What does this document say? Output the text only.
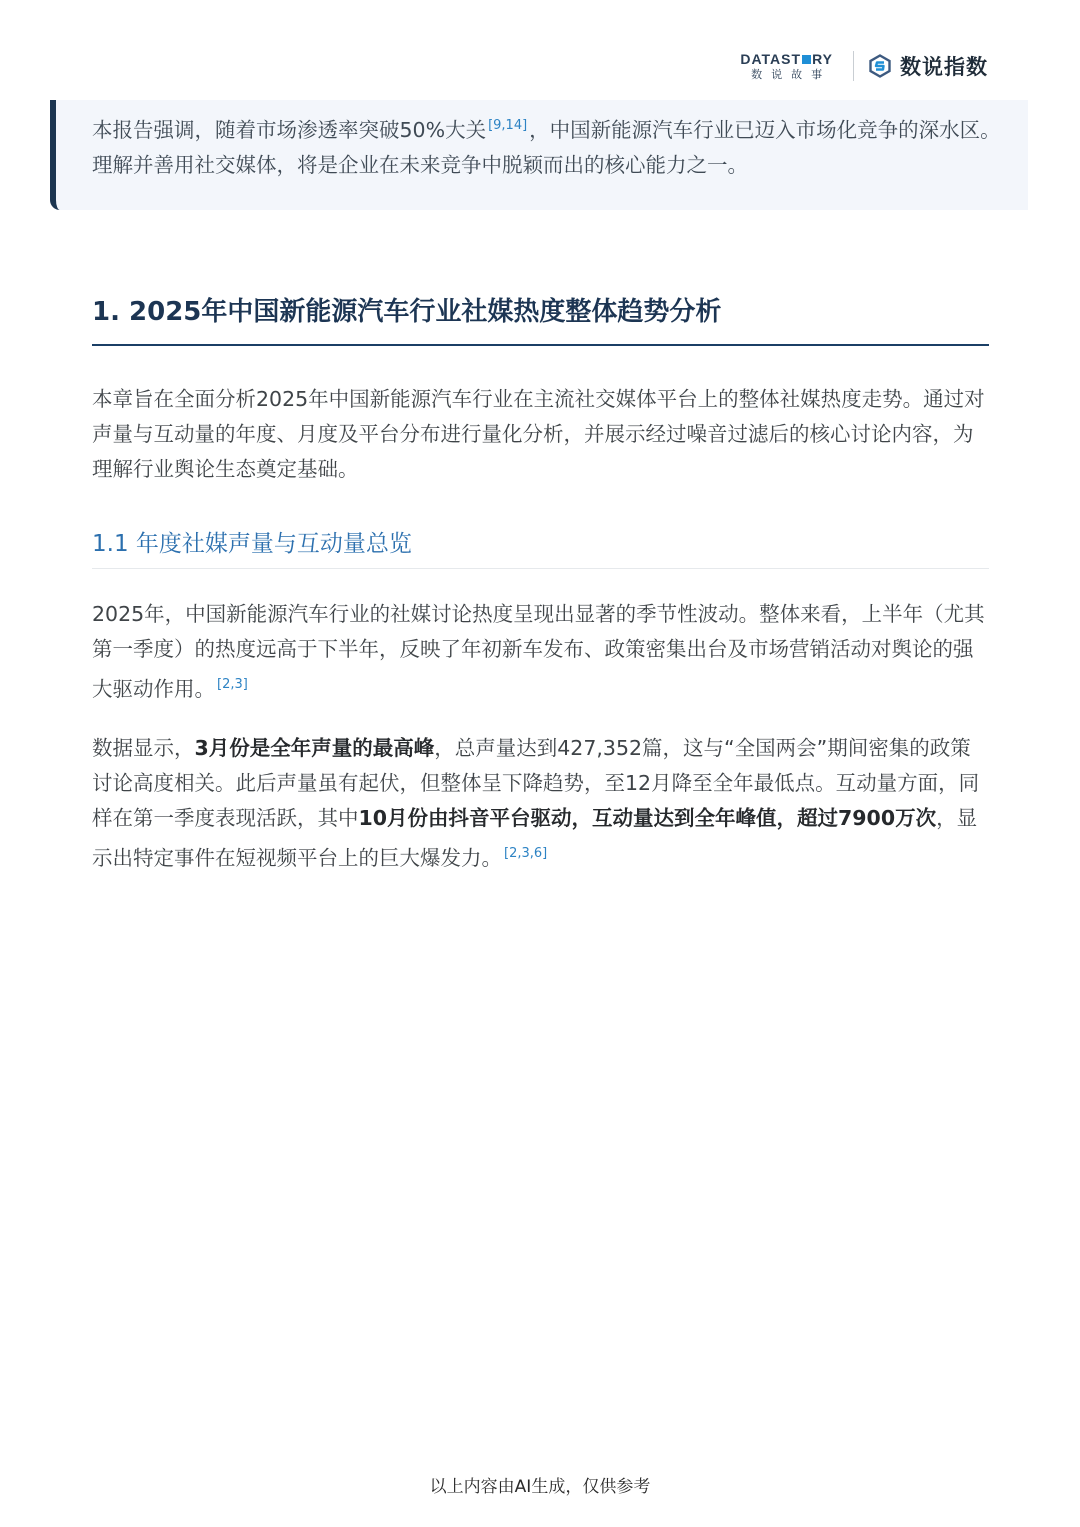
DATAST RY
数说故事	数说指数
本报告强调，随着市场渗透率突破50%大关 [9,14]，中国新能源汽车行业已迈入市场化竞争的深水区。理解并善用社交媒体，将是企业在未来竞争中脱颖而出的核心能力之一。
1. 2025年中国新能源汽车行业社媒热度整体趋势分析
本章旨在全面分析2025年中国新能源汽车行业在主流社交媒体平台上的整体社媒热度走势。通过对声量与互动量的年度、月度及平台分布进行量化分析，并展示经过噪音过滤后的核心讨论内容，为理解行业舆论生态奠定基础。
1.1 年度社媒声量与互动量总览
2025年，中国新能源汽车行业的社媒讨论热度呈现出显著的季节性波动。整体来看，上半年（尤其第一季度）的热度远高于下半年，反映了年初新车发布、政策密集出台及市场营销活动对舆论的强大驱动作用。 [2,3]
数据显示，3月份是全年声量的最高峰，总声量达到427,352篇，这与“全国两会”期间密集的政策讨论高度相关。此后声量虽有起伏，但整体呈下降趋势，至12月降至全年最低点。互动量方面，同样在第一季度表现活跃，其中10月份由抖音平台驱动，互动量达到全年峰值，超过7900万次，显示出特定事件在短视频平台上的巨大爆发力。 [2,3,6]
以上内容由AI生成，仅供参考
